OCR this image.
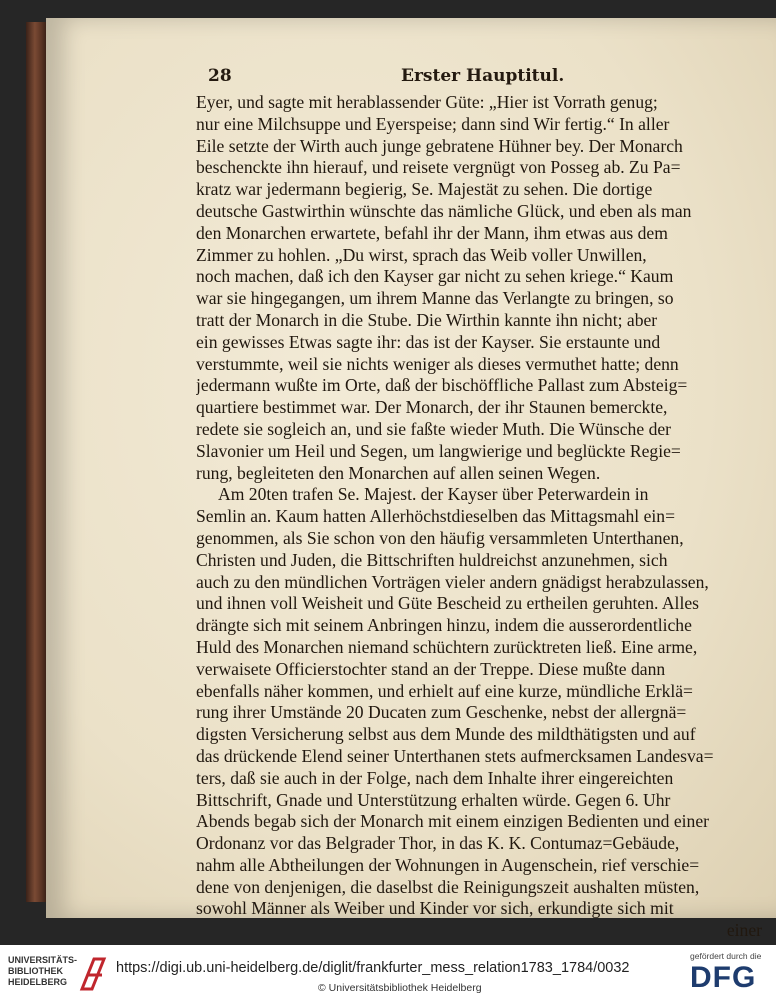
28	Erster Hauptitul.
Eyer, und sagte mit herablassender Güte: „Hier ist Vorrath genug;
nur eine Milchsuppe und Eyerspeise; dann sind Wir fertig.“ In aller
Eile setzte der Wirth auch junge gebratene Hühner bey. Der Monarch
beschenckte ihn hierauf, und reisete vergnügt von Posseg ab. Zu Pa=
kratz war jedermann begierig, Se. Majestät zu sehen. Die dortige
deutsche Gastwirthin wünschte das nämliche Glück, und eben als man
den Monarchen erwartete, befahl ihr der Mann, ihm etwas aus dem
Zimmer zu hohlen. „Du wirst, sprach das Weib voller Unwillen,
noch machen, daß ich den Kayser gar nicht zu sehen kriege.“ Kaum
war sie hingegangen, um ihrem Manne das Verlangte zu bringen, so
tratt der Monarch in die Stube. Die Wirthin kannte ihn nicht; aber
ein gewisses Etwas sagte ihr: das ist der Kayser. Sie erstaunte und
verstummte, weil sie nichts weniger als dieses vermuthet hatte; denn
jedermann wußte im Orte, daß der bischöffliche Pallast zum Absteig=
quartiere bestimmet war. Der Monarch, der ihr Staunen bemerckte,
redete sie sogleich an, und sie faßte wieder Muth. Die Wünsche der
Slavonier um Heil und Segen, um langwierige und beglückte Regie=
rung, begleiteten den Monarchen auf allen seinen Wegen.
Am 20ten trafen Se. Majest. der Kayser über Peterwardein in
Semlin an. Kaum hatten Allerhöchstdieselben das Mittagsmahl ein=
genommen, als Sie schon von den häufig versammleten Unterthanen,
Christen und Juden, die Bittschriften huldreichst anzunehmen, sich
auch zu den mündlichen Vorträgen vieler andern gnädigst herabzulassen,
und ihnen voll Weisheit und Güte Bescheid zu ertheilen geruhten. Alles
drängte sich mit seinem Anbringen hinzu, indem die ausserordentliche
Huld des Monarchen niemand schüchtern zurücktreten ließ. Eine arme,
verwaisete Officierstochter stand an der Treppe. Diese mußte dann
ebenfalls näher kommen, und erhielt auf eine kurze, mündliche Erklä=
rung ihrer Umstände 20 Ducaten zum Geschenke, nebst der allergnä=
digsten Versicherung selbst aus dem Munde des mildthätigsten und auf
das drückende Elend seiner Unterthanen stets aufmercksamen Landesva=
ters, daß sie auch in der Folge, nach dem Inhalte ihrer eingereichten
Bittschrift, Gnade und Unterstützung erhalten würde. Gegen 6. Uhr
Abends begab sich der Monarch mit einem einzigen Bedienten und einer
Ordonanz vor das Belgrader Thor, in das K. K. Contumaz=Gebäude,
nahm alle Abtheilungen der Wohnungen in Augenschein, rief verschie=
dene von denjenigen, die daselbst die Reinigungszeit aushalten müsten,
sowohl Männer als Weiber und Kinder vor sich, erkundigte sich mit
einer
UNIVERSITÄTS-
BIBLIOTHEK
HEIDELBERG
https://digi.ub.uni-heidelberg.de/diglit/frankfurter_mess_relation1783_1784/0032
© Universitätsbibliothek Heidelberg
gefördert durch die
DFG
